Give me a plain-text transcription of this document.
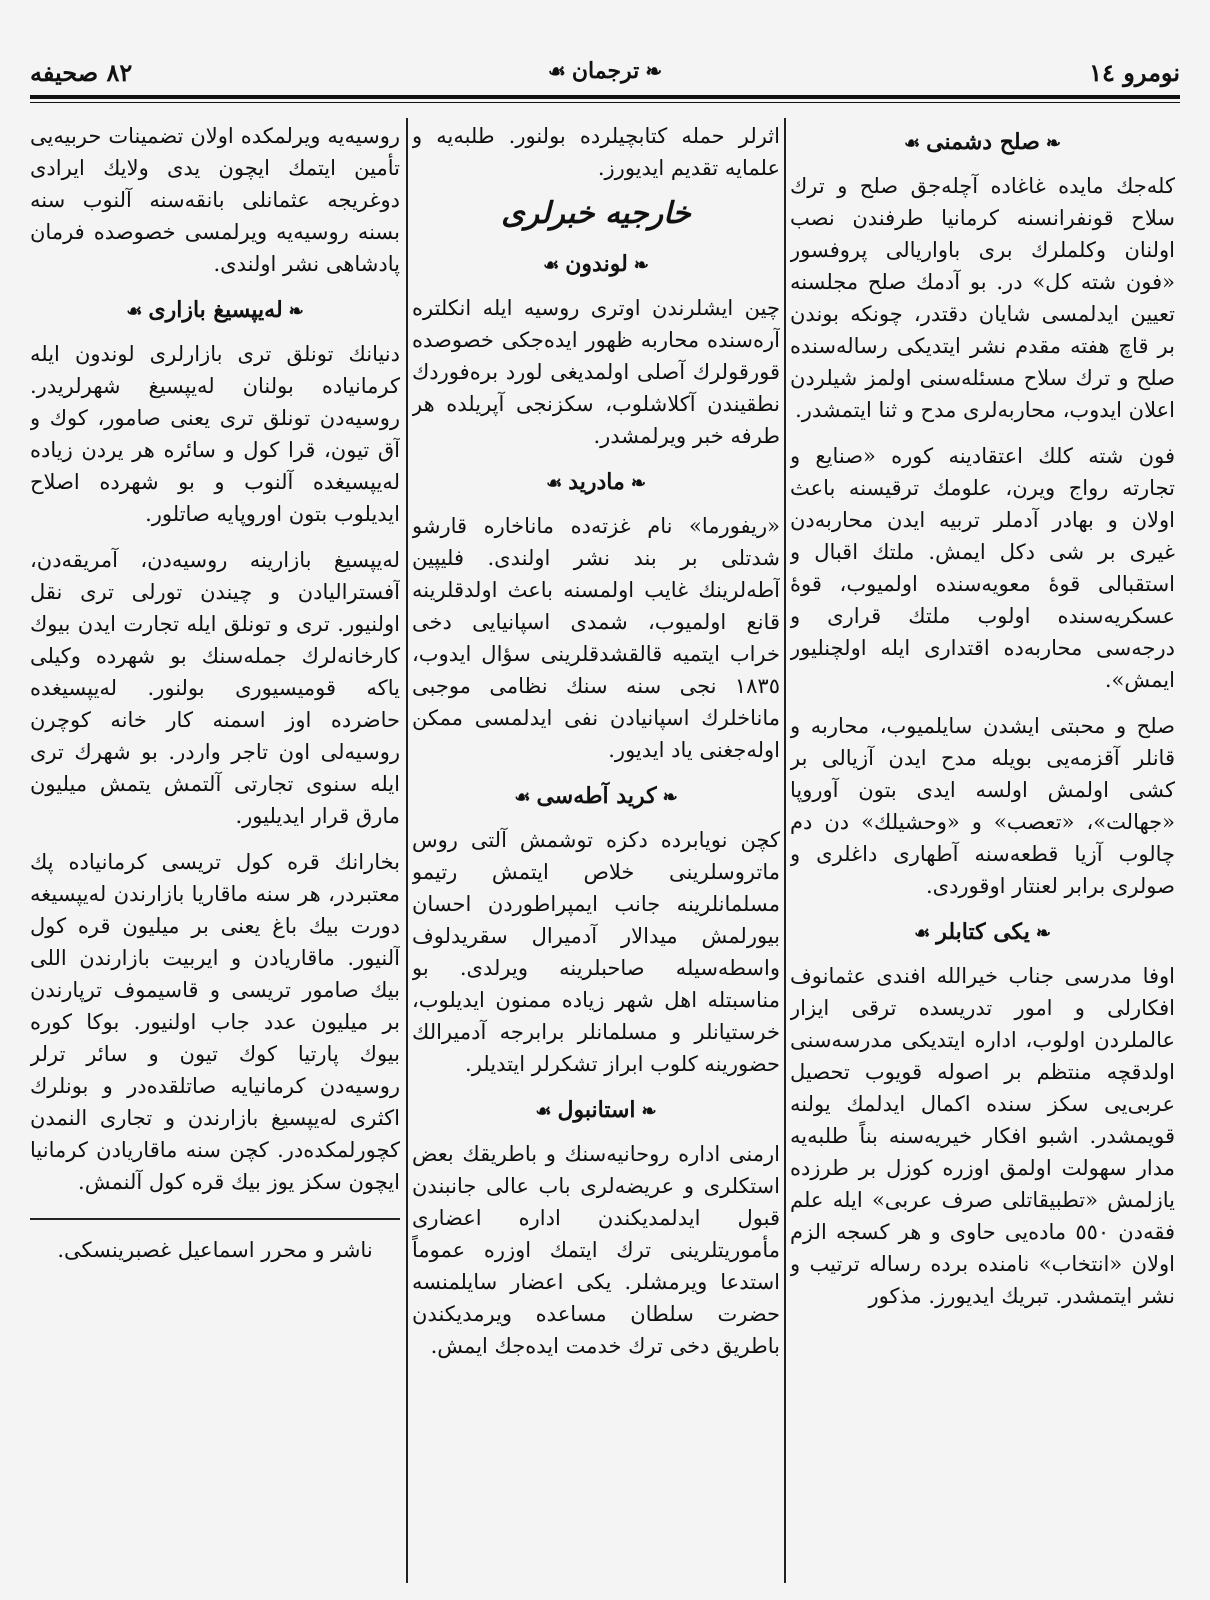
نومرو ١٤
❧ترجمان☙
٨٢ صحيفه
❧صلح دشمنی☙

كله‌جك مايده غاغاده آچله‌جق صلح و ترك سلاح قونفرانسنه كرمانيا طرفندن نصب اولنان وكلملرك برى باواريالى پروفسور «فون شته كل» در. بو آدمك صلح مجلسنه تعيين ايدلمسى شايان دقتدر، چونكه بوندن بر قاچ هفته مقدم نشر ايتديكى رساله‌سنده صلح و ترك سلاح مسئله‌سنى اولمز شيلردن اعلان ايدوب، محاربه‌لرى مدح و ثنا ايتمشدر.

فون شته كلك اعتقادينه كوره «صنايع و تجارته رواج ويرن، علومك ترقيسنه باعث اولان و بهادر آدملر تربيه ايدن محاربه‌دن غيرى بر شى دكل ايمش. ملتك اقبال و استقبالى قوۀ معويه‌سنده اولميوب، قوۀ عسكريه‌سنده اولوب ملتك قرارى و درجه‌سى محاربه‌ده اقتدارى ايله اولچنليور ايمش».

صلح و محبتى ايشدن سايلميوب، محاربه و قانلر آقزمه‌يى بويله مدح ايدن آزيالى بر كشى اولمش اولسه ايدى بتون آوروپا «جهالت»، «تعصب» و «وحشيلك» دن دم چالوب آزيا قطعه‌سنه آطهارى داغلرى و صولرى برابر لعنتار اوقوردى.

❧يكى كتابلر☙

اوفا مدرسى جناب خيرالله افندى عثمانوف افكارلى و امور تدريسده ترقى ايزار عالملردن اولوب، اداره ايتديكى مدرسه‌سنى اولدقچه منتظم بر اصوله قويوب تحصيل عربى‌يى سكز سنده اكمال ايدلمك يولنه قويمشدر. اشبو افكار خيريه‌سنه بناً طلبه‌يه مدار سهولت اولمق اوزره كوزل بر طرزده يازلمش «تطبيقاتلى صرف عربى» ايله علم فقه‌دن ٥٥٠ ماده‌يى حاوى و هر كسجه الزم اولان «انتخاب» نامنده برده رساله ترتيب و نشر ايتمشدر. تبريك ايديورز. مذكور

اثرلر حمله كتابچيلرده بولنور. طلبه‌يه و علمايه تقديم ايديورز.

خارجيه خبرلرى
❧لوندون☙

چين ايشلرندن اوترى روسيه ايله انكلتره آره‌سنده محاربه ظهور ايده‌جكى خصوصده قورقولرك آصلى اولمديغى لورد بره‌فوردك نطقيندن آكلاشلوب، سكزنجى آپريلده هر طرفه خبر ويرلمشدر.

❧مادريد☙

«ريفورما» نام غزته‌ده ماناخاره قارشو شدتلى بر بند نشر اولندى. فليپين آطه‌لرينك غايب اولمسنه باعث اولدقلرينه قانع اولميوب، شمدى اسپانيايى دخى خراب ايتميه قالقشدقلرينى سؤال ايدوب، ١٨٣٥ نجى سنه سنك نظامى موجبى ماناخلرك اسپانيادن نفى ايدلمسى ممكن اوله‌جغنى ياد ايديور.

❧كريد آطه‌سى☙

كچن نويابرده دكزه توشمش آلتى روس ماتروسلرينى خلاص ايتمش رتيمو مسلمانلرينه جانب ايمپراطوردن احسان بيورلمش ميدالار آدميرال سقريدلوف واسطه‌سيله صاحبلرينه ويرلدى. بو مناسبتله اهل شهر زياده ممنون ايديلوب، خرستيانلر و مسلمانلر برابرجه آدميرالك حضورينه كلوب ابراز تشكرلر ايتديلر.

❧استانبول☙

ارمنى اداره روحانيه‌سنك و باطريقك بعض استكلرى و عريضه‌لرى باب عالى جانبندن قبول ايدلمديكندن اداره اعضارى مأموريتلرينى ترك ايتمك اوزره عموماً استدعا ويرمشلر. يكى اعضار سايلمنسه حضرت سلطان مساعده ويرمديكندن باطريق دخى ترك خدمت ايده‌جك ايمش.

روسيه‌يه ويرلمكده اولان تضمينات حربيه‌يى تأمين ايتمك ايچون يدى ولايك ايرادى دوغريجه عثمانلى بانقه‌سنه آلنوب سنه بسنه روسيه‌يه ويرلمسى خصوصده فرمان پادشاهى نشر اولندى.

❧لەيپسيغ بازارى☙

دنيانك تونلق ترى بازارلرى لوندون ايله كرمانياده بولنان لەيپسيغ شهرلريدر. روسيه‌دن تونلق ترى يعنى صامور، كوك و آق تيون، قرا كول و سائره هر يردن زياده لەيپسيغده آلنوب و بو شهرده اصلاح ايديلوب بتون اوروپايه صاتلور.

لەيپسيغ بازارينه روسيه‌دن، آمريقه‌دن، آفستراليادن و چيندن تورلى ترى نقل اولنيور. ترى و تونلق ايله تجارت ايدن بيوك كارخانه‌لرك جمله‌سنك بو شهرده وكيلى ياكه قوميسيورى بولنور. لەيپسيغده حاضرده اوز اسمنه كار خانه كوچرن روسيه‌لى اون تاجر واردر. بو شهرك ترى ايله سنوى تجارتى آلتمش يتمش ميليون مارق قرار ايديليور.

بخارانك قره كول تريسى كرمانياده پك معتبردر، هر سنه ماقاريا بازارندن لەيپسيغه دورت بيك باغ يعنى بر ميليون قره كول آلنيور. ماقاريادن و ايربيت بازارندن اللى بيك صامور تريسى و قاسيموف ترپارندن بر ميليون عدد جاب اولنيور. بوكا كوره بيوك پارتيا كوك تيون و سائر ترلر روسيه‌دن كرمانيايه صاتلقده‌در و بونلرك اكثرى لەيپسيغ بازارندن و تجارى النمدن كچورلمكده‌در. كچن سنه ماقاريادن كرمانيا ايچون سكز يوز بيك قره كول آلنمش.

ناشر و محرر اسماعيل غصبرينسكى.
